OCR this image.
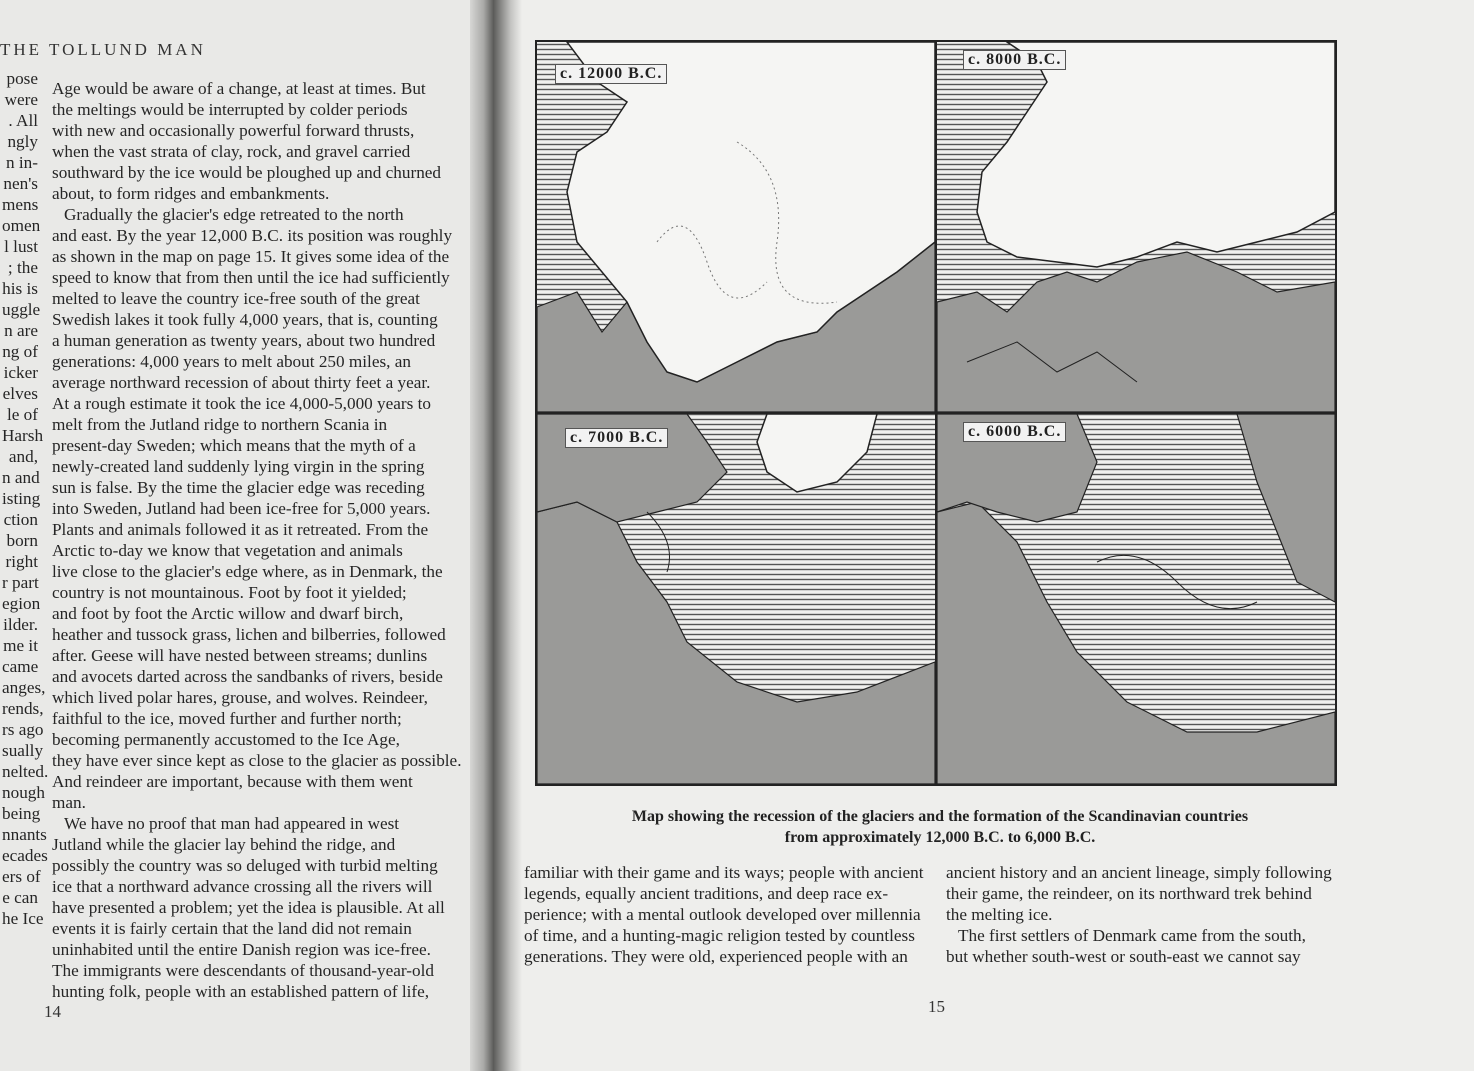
THE TOLLUND MAN
pose
were
. All
ngly
n in-
nen's
mens
omen
l lust
; the
his is
uggle
n are
ng of
icker
elves
le of
Harsh
and,
n and
isting
ction
born
right
r part
egion
ilder.
me it
came
anges,
rends,
rs ago
sually
nelted.
nough
being
nnants
ecades
ers of
e can
he Ice
Age would be aware of a change, at least at times. But
the meltings would be interrupted by colder periods
with new and occasionally powerful forward thrusts,
when the vast strata of clay, rock, and gravel carried
southward by the ice would be ploughed up and churned
about, to form ridges and embankments.
Gradually the glacier's edge retreated to the north
and east. By the year 12,000 B.C. its position was roughly
as shown in the map on page 15. It gives some idea of the
speed to know that from then until the ice had sufficiently
melted to leave the country ice-free south of the great
Swedish lakes it took fully 4,000 years, that is, counting
a human generation as twenty years, about two hundred
generations: 4,000 years to melt about 250 miles, an
average northward recession of about thirty feet a year.
At a rough estimate it took the ice 4,000-5,000 years to
melt from the Jutland ridge to northern Scania in
present-day Sweden; which means that the myth of a
newly-created land suddenly lying virgin in the spring
sun is false. By the time the glacier edge was receding
into Sweden, Jutland had been ice-free for 5,000 years.
Plants and animals followed it as it retreated. From the
Arctic to-day we know that vegetation and animals
live close to the glacier's edge where, as in Denmark, the
country is not mountainous. Foot by foot it yielded;
and foot by foot the Arctic willow and dwarf birch,
heather and tussock grass, lichen and bilberries, followed
after. Geese will have nested between streams; dunlins
and avocets darted across the sandbanks of rivers, beside
which lived polar hares, grouse, and wolves. Reindeer,
faithful to the ice, moved further and further north;
becoming permanently accustomed to the Ice Age,
they have ever since kept as close to the glacier as possible.
And reindeer are important, because with them went
man.
We have no proof that man had appeared in west
Jutland while the glacier lay behind the ridge, and
possibly the country was so deluged with turbid melting
ice that a northward advance crossing all the rivers will
have presented a problem; yet the idea is plausible. At all
events it is fairly certain that the land did not remain
uninhabited until the entire Danish region was ice-free.
The immigrants were descendants of thousand-year-old
hunting folk, people with an established pattern of life,
14
c. 12000 B.C.
c. 8000 B.C.
c. 7000 B.C.	c. 6000 B.C.
Map showing the recession of the glaciers and the formation of the Scandinavian countries
from approximately 12,000 B.C. to 6,000 B.C.
familiar with their game and its ways; people with ancient
legends, equally ancient traditions, and deep race ex-
perience; with a mental outlook developed over millennia
of time, and a hunting-magic religion tested by countless
generations. They were old, experienced people with an
ancient history and an ancient lineage, simply following
their game, the reindeer, on its northward trek behind
the melting ice.
The first settlers of Denmark came from the south,
but whether south-west or south-east we cannot say
15
